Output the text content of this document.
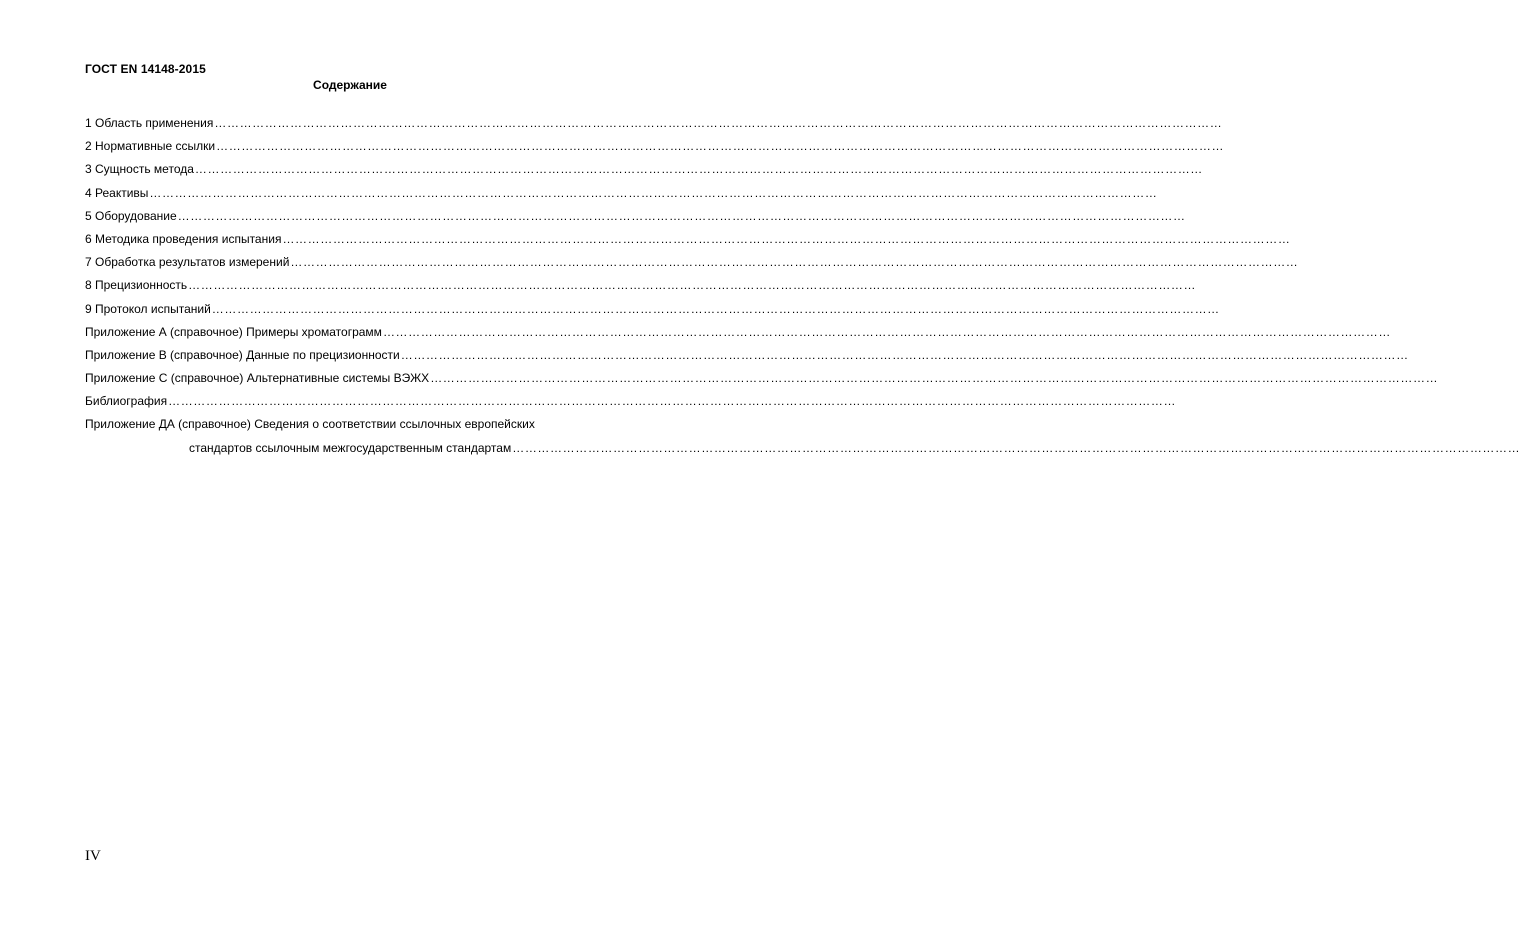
ГОСТ EN 14148-2015
Содержание
1 Область применения ……………………………………………………………………………………………………………………………………………………………………………………………………………………
2 Нормативные ссылки ……………………………………………………………………………………………………………………………………………………………………………………………………………………
3 Сущность метода ……………………………………………………………………………………………………………………………………………………………………………………………………………………
4 Реактивы ……………………………………………………………………………………………………………………………………………………………………………………………………………………
5 Оборудование ……………………………………………………………………………………………………………………………………………………………………………………………………………………
6 Методика проведения испытания ……………………………………………………………………………………………………………………………………………………………………………………………………………………
7 Обработка результатов измерений ……………………………………………………………………………………………………………………………………………………………………………………………………………………
8 Прецизионность ……………………………………………………………………………………………………………………………………………………………………………………………………………………
9 Протокол испытаний ……………………………………………………………………………………………………………………………………………………………………………………………………………………
Приложение А (справочное) Примеры хроматограмм ……………………………………………………………………………………………………………………………………………………………………………………………………………………
Приложение В (справочное) Данные по прецизионности ……………………………………………………………………………………………………………………………………………………………………………………………………………………
Приложение С (справочное) Альтернативные системы ВЭЖХ ……………………………………………………………………………………………………………………………………………………………………………………………………………………
Библиография ……………………………………………………………………………………………………………………………………………………………………………………………………………………
Приложение ДА (справочное) Сведения о соответствии ссылочных европейских
стандартов ссылочным межгосударственным стандартам ……………………………………………………………………………………………………………………………………………………………………………………………………………………
IV
